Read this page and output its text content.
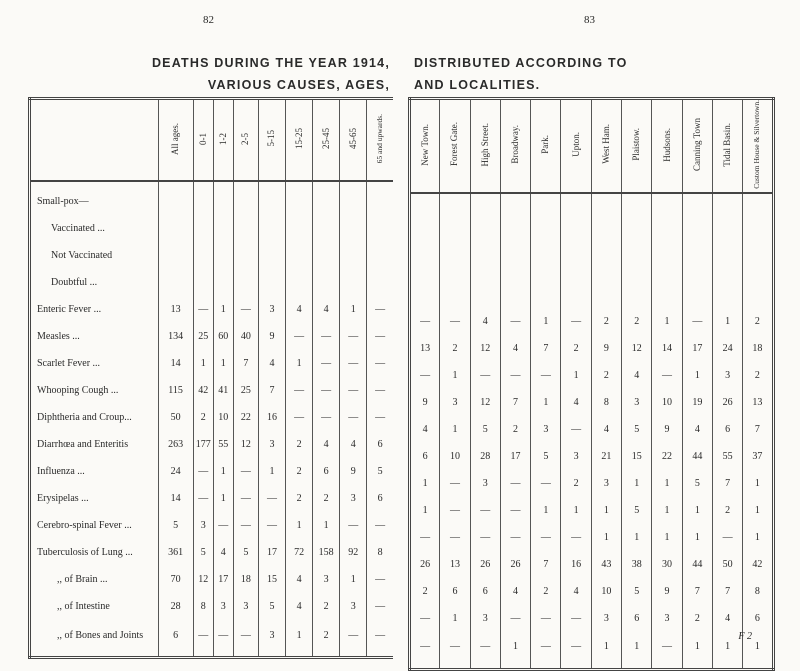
82	83
DEATHS DURING THE YEAR 1914,
VARIOUS CAUSES, AGES,
DISTRIBUTED ACCORDING TO
AND LOCALITIES.
	All ages.	0-1	1-2	2-5	5-15	15-25	25-45	45-65	65 and upwards.

Small-pox—									
Vaccinated ...									
Not Vaccinated									
Doubtful ...									
Enteric Fever ...	13	—	1	—	3	4	4	1	—
Measles ...	134	25	60	40	9	—	—	—	—
Scarlet Fever ...	14	1	1	7	4	1	—	—	—
Whooping Cough ...	115	42	41	25	7	—	—	—	—
Diphtheria and Croup...	50	2	10	22	16	—	—	—	—
Diarrhœa and Enteritis	263	177	55	12	3	2	4	4	6
Influenza ...	24	—	1	—	1	2	6	9	5
Erysipelas ...	14	—	1	—	—	2	2	3	6
Cerebro-spinal Fever ...	5	3	—	—	—	1	1	—	—
Tuberculosis of Lung ...	361	5	4	5	17	72	158	92	8
,, of Brain ...	70	12	17	18	15	4	3	1	—
,, of Intestine	28	8	3	3	5	4	2	3	—
,, of Bones and Joints	6	—	—	—	3	1	2	—	—

New Town.	Forest Gate.	High Street.	Broadway.	Park.	Upton.	West Ham.	Plaistow.	Hudsons.	Canning Town	Tidal Basin.	Custom House & Silvertown.

—	—	4	—	1	—	2	2	1	—	1	2
13	2	12	4	7	2	9	12	14	17	24	18
—	1	—	—	—	1	2	4	—	1	3	2
9	3	12	7	1	4	8	3	10	19	26	13
4	1	5	2	3	—	4	5	9	4	6	7
6	10	28	17	5	3	21	15	22	44	55	37
1	—	3	—	—	2	3	1	1	5	7	1
1	—	—	—	1	1	1	5	1	1	2	1
—	—	—	—	—	—	1	1	1	1	—	1
26	13	26	26	7	16	43	38	30	44	50	42
2	6	6	4	2	4	10	5	9	7	7	8
—	1	3	—	—	—	3	6	3	2	4	6
—	—	—	1	—	—	1	1	—	1	1	1

F 2
